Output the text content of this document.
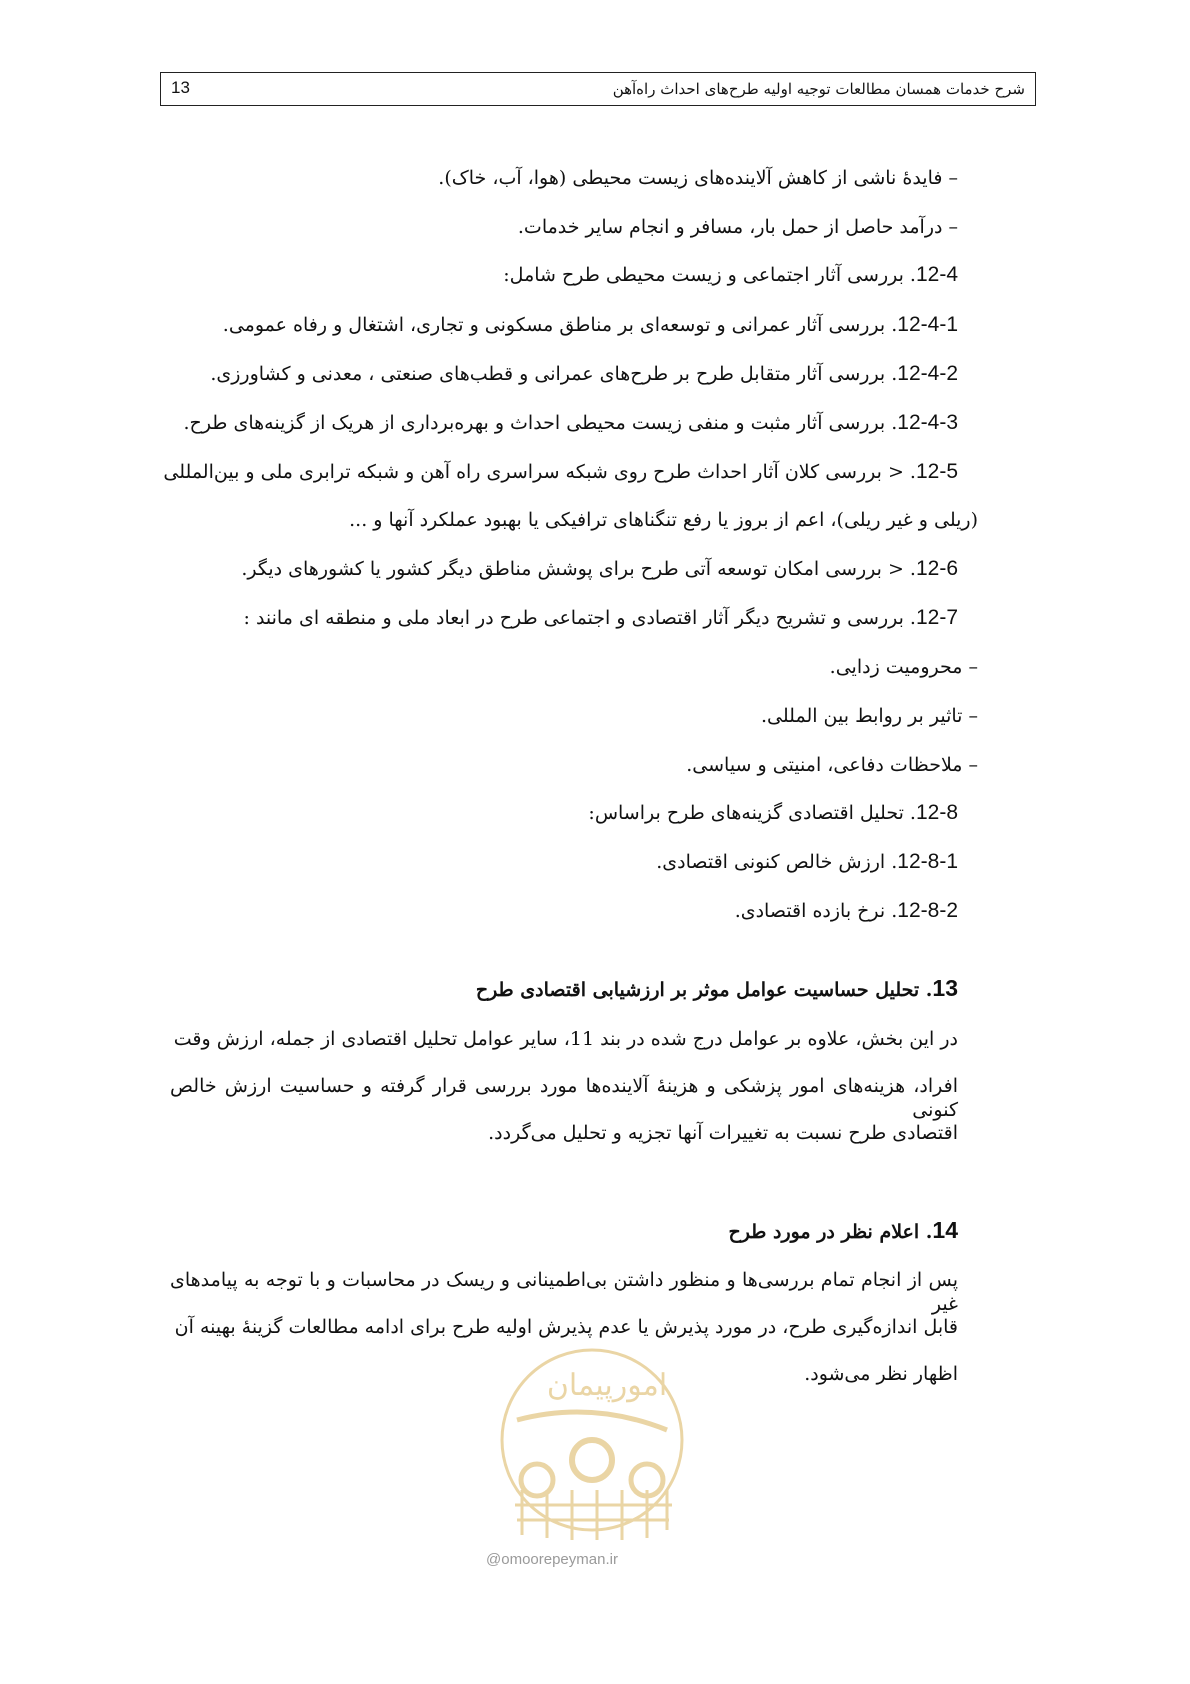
شرح خدمات همسان مطالعات توجیه اولیه طرح‌های احداث راه‌آهن
13
– فایدهٔ ناشی از کاهش آلاینده‌های زیست محیطی (هوا، آب، خاک).
– درآمد حاصل از حمل بار، مسافر و انجام سایر خدمات.
12-4. بررسی آثار اجتماعی و زیست محیطی طرح شامل:
12-4-1. بررسی آثار عمرانی و توسعه‌ای بر مناطق مسکونی و تجاری، اشتغال و رفاه عمومی.
12-4-2. بررسی آثار متقابل طرح بر طرح‌های عمرانی و قطب‌های صنعتی ، معدنی و کشاورزی.
12-4-3. بررسی آثار مثبت و منفی زیست محیطی احداث و بهره‌برداری از هریک از گزینه‌های طرح.
12-5. < بررسی کلان آثار احداث طرح روی شبکه سراسری راه آهن و شبکه ترابری ملی و بین‌المللی
(ریلی و غیر ریلی)، اعم از بروز یا رفع تنگناهای ترافیکی یا بهبود عملکرد آنها و ...
12-6. < بررسی امکان توسعه آتی طرح برای پوشش مناطق دیگر کشور یا کشورهای دیگر.
12-7. بررسی و تشریح دیگر آثار اقتصادی و اجتماعی طرح در ابعاد ملی و منطقه ای مانند :
– محرومیت زدایی.
– تاثیر بر روابط بین المللی.
– ملاحظات دفاعی، امنیتی و سیاسی.
12-8. تحلیل اقتصادی گزینه‌های طرح براساس:
12-8-1. ارزش خالص کنونی اقتصادی.
12-8-2. نرخ بازده اقتصادی.
13. تحلیل حساسیت عوامل موثر بر ارزشیابی اقتصادی طرح

در این بخش، علاوه بر عوامل درج شده در بند 11، سایر عوامل تحلیل اقتصادی از جمله، ارزش وقت

افراد، هزینه‌های امور پزشکی و هزینهٔ آلاینده‌ها مورد بررسی قرار گرفته و حساسیت ارزش خالص کنونی

اقتصادی طرح نسبت به تغییرات آنها تجزیه و تحلیل می‌گردد.

14. اعلام نظر در مورد طرح

پس از انجام تمام بررسی‌ها و منظور داشتن بی‌اطمینانی و ریسک در محاسبات و با توجه به پیامدهای غیر

قابل اندازه‌گیری طرح، در مورد پذیرش یا عدم پذیرش اولیه طرح برای ادامه مطالعات گزینهٔ بهینه آن

اظهار نظر می‌شود.

امورپیمان
@omoorepeyman.ir
